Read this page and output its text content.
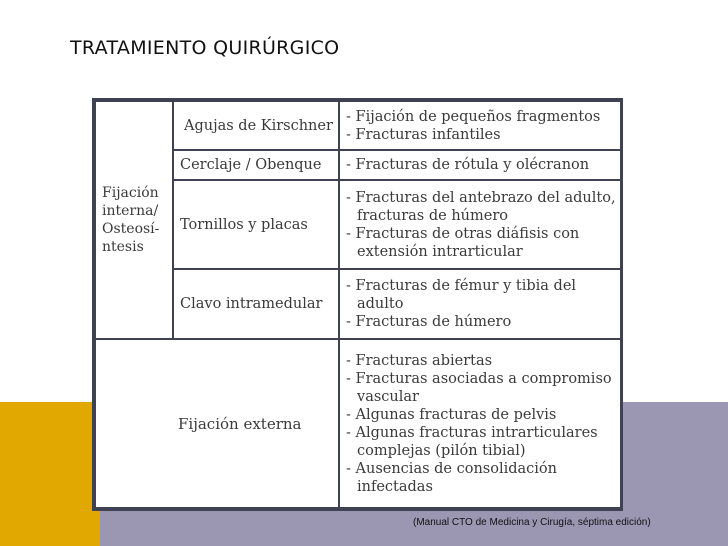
TRATAMIENTO QUIRÚRGICO
Fijación
interna/
Osteosí-
ntesis
Agujas de Kirschner
- Fijación de pequeños fragmentos
- Fracturas infantiles
Cerclaje / Obenque - Fracturas de rótula y olécranon
Tornillos y placas
- Fracturas del antebrazo del adulto,
fracturas de húmero
- Fracturas de otras diáfisis con
extensión intrarticular
Clavo intramedular
- Fracturas de fémur y tibia del
adulto
- Fracturas de húmero
Fijación externa
- Fracturas abiertas
- Fracturas asociadas a compromiso
vascular
- Algunas fracturas de pelvis
- Algunas fracturas intrarticulares
complejas (pilón tibial)
- Ausencias de consolidación
infectadas
(Manual CTO de Medicina y Cirugía, séptima edición)
